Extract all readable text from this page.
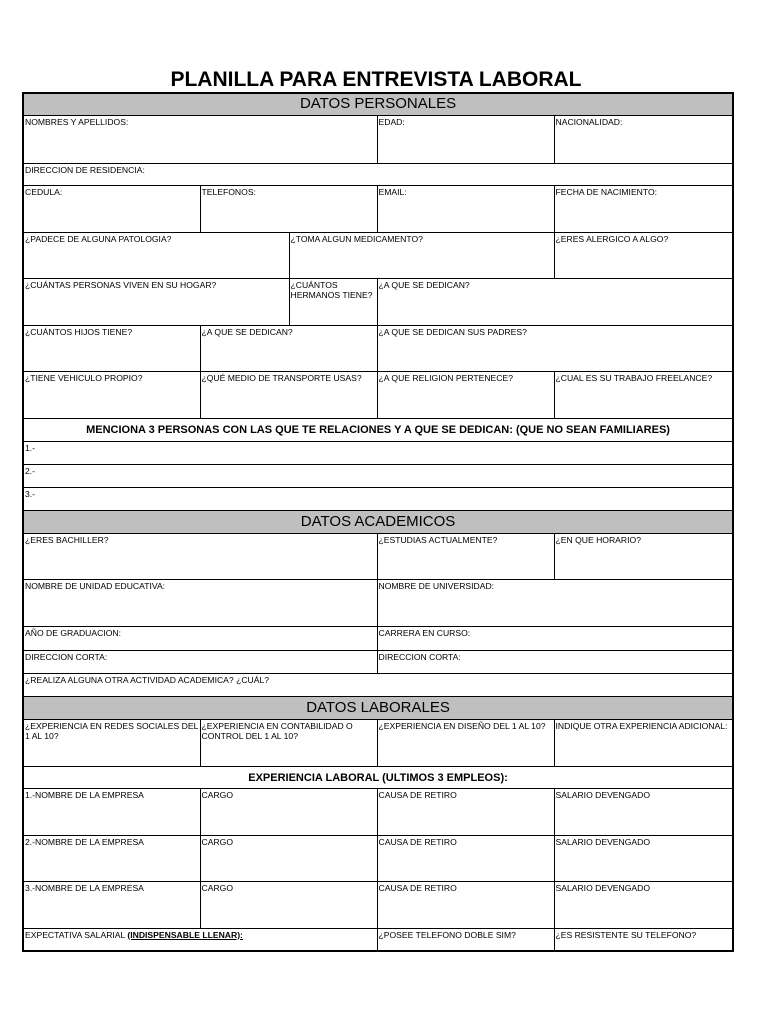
PLANILLA PARA ENTREVISTA LABORAL
DATOS PERSONALES				
NOMBRES Y APELLIDOS:			EDAD:	NACIONALIDAD:
DIRECCION DE RESIDENCIA:				
CEDULA:	TELEFONOS:		EMAIL:	FECHA DE NACIMIENTO:
¿PADECE DE ALGUNA PATOLOGIA?		¿TOMA ALGUN MEDICAMENTO?		¿ERES ALERGICO A ALGO?
¿CUÁNTAS PERSONAS VIVEN EN SU HOGAR?		¿CUÁNTOS HERMANOS TIENE?	¿A QUE SE DEDICAN?	
¿CUÁNTOS HIJOS TIENE?	¿A QUE SE DEDICAN?		¿A QUE SE DEDICAN SUS PADRES?	
¿TIENE VEHICULO PROPIO?	¿QUÉ MEDIO DE TRANSPORTE USAS?		¿A QUE RELIGION PERTENECE?	¿CUAL ES SU TRABAJO FREELANCE?
MENCIONA 3 PERSONAS CON LAS QUE TE RELACIONES Y A QUE SE DEDICAN: (QUE NO SEAN FAMILIARES)				
1.-				
2.-				
3.-				
DATOS ACADEMICOS				
¿ERES BACHILLER?			¿ESTUDIAS ACTUALMENTE?	¿EN QUE HORARIO?
NOMBRE DE UNIDAD EDUCATIVA:			NOMBRE DE UNIVERSIDAD:	
AÑO DE GRADUACION:			CARRERA EN CURSO:	
DIRECCION CORTA:			DIRECCION CORTA:	
¿REALIZA ALGUNA OTRA ACTIVIDAD ACADEMICA? ¿CUÁL?				
DATOS LABORALES				
¿EXPERIENCIA EN REDES SOCIALES DEL 1 AL 10?	¿EXPERIENCIA EN CONTABILIDAD O CONTROL DEL 1 AL 10?		¿EXPERIENCIA EN DISEÑO DEL 1 AL 10?	INDIQUE OTRA EXPERIENCIA ADICIONAL:
EXPERIENCIA LABORAL (ULTIMOS 3 EMPLEOS):				
1.-NOMBRE DE LA EMPRESA	CARGO		CAUSA DE RETIRO	SALARIO DEVENGADO
2.-NOMBRE DE LA EMPRESA	CARGO		CAUSA DE RETIRO	SALARIO DEVENGADO
3.-NOMBRE DE LA EMPRESA	CARGO		CAUSA DE RETIRO	SALARIO DEVENGADO
EXPECTATIVA SALARIAL (INDISPENSABLE LLENAR):			¿POSEE TELEFONO DOBLE SIM?	¿ES RESISTENTE SU TELEFONO?
